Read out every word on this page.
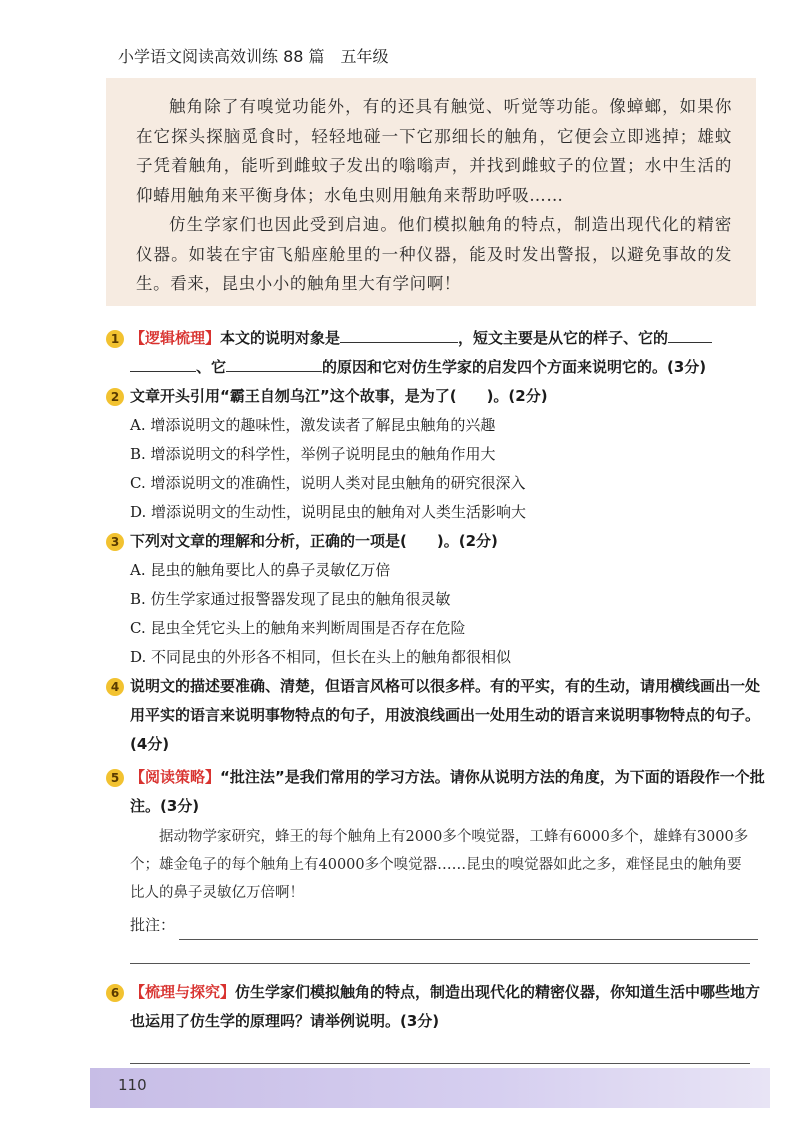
小学语文阅读高效训练 88 篇　五年级

触角除了有嗅觉功能外，有的还具有触觉、听觉等功能。像蟑螂，如果你在它探头探脑觅食时，轻轻地碰一下它那细长的触角，它便会立即逃掉；雄蚊子凭着触角，能听到雌蚊子发出的嗡嗡声，并找到雌蚊子的位置；水中生活的仰蝽用触角来平衡身体；水龟虫则用触角来帮助呼吸……

仿生学家们也因此受到启迪。他们模拟触角的特点，制造出现代化的精密仪器。如装在宇宙飞船座舱里的一种仪器，能及时发出警报，以避免事故的发生。看来，昆虫小小的触角里大有学问啊！

1 【逻辑梳理】本文的说明对象是	，短文主要是从它的样子、它的、它	的原因和它对仿生学家的启发四个方面来说明它的。(3分)
2 文章开头引用“霸王自刎乌江”这个故事，是为了(　　)。(2分)
A. 增添说明文的趣味性，激发读者了解昆虫触角的兴趣
B. 增添说明文的科学性，举例子说明昆虫的触角作用大
C. 增添说明文的准确性，说明人类对昆虫触角的研究很深入
D. 增添说明文的生动性，说明昆虫的触角对人类生活影响大
3 下列对文章的理解和分析，正确的一项是(　　)。(2分)
A. 昆虫的触角要比人的鼻子灵敏亿万倍
B. 仿生学家通过报警器发现了昆虫的触角很灵敏
C. 昆虫全凭它头上的触角来判断周围是否存在危险
D. 不同昆虫的外形各不相同，但长在头上的触角都很相似
4 说明文的描述要准确、清楚，但语言风格可以很多样。有的平实，有的生动，请用横线画出一处用平实的语言来说明事物特点的句子，用波浪线画出一处用生动的语言来说明事物特点的句子。(4分)
5 【阅读策略】“批注法”是我们常用的学习方法。请你从说明方法的角度，为下面的语段作一个批注。(3分)
据动物学家研究，蜂王的每个触角上有2000多个嗅觉器，工蜂有6000多个，雄蜂有3000多个；雄金龟子的每个触角上有40000多个嗅觉器……昆虫的嗅觉器如此之多，难怪昆虫的触角要比人的鼻子灵敏亿万倍啊！
批注：
6 【梳理与探究】仿生学家们模拟触角的特点，制造出现代化的精密仪器，你知道生活中哪些地方也运用了仿生学的原理吗？请举例说明。(3分)
110
